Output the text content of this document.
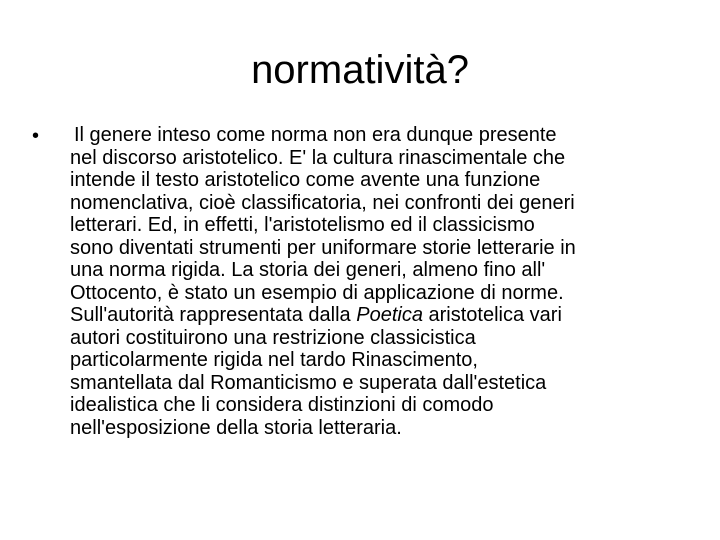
normatività?
• Il genere inteso come norma non era dunque presente
nel discorso aristotelico. E' la cultura rinascimentale che
intende il testo aristotelico come avente una funzione
nomenclativa, cioè classificatoria, nei confronti dei generi
letterari. Ed, in effetti, l'aristotelismo ed il classicismo
sono diventati strumenti per uniformare storie letterarie in
una norma rigida. La storia dei generi, almeno fino all'
Ottocento, è stato un esempio di applicazione di norme.
Sull'autorità rappresentata dalla Poetica aristotelica vari
autori costituirono una restrizione classicistica
particolarmente rigida nel tardo Rinascimento,
smantellata dal Romanticismo e superata dall'estetica
idealistica che li considera distinzioni di comodo
nell'esposizione della storia letteraria.
